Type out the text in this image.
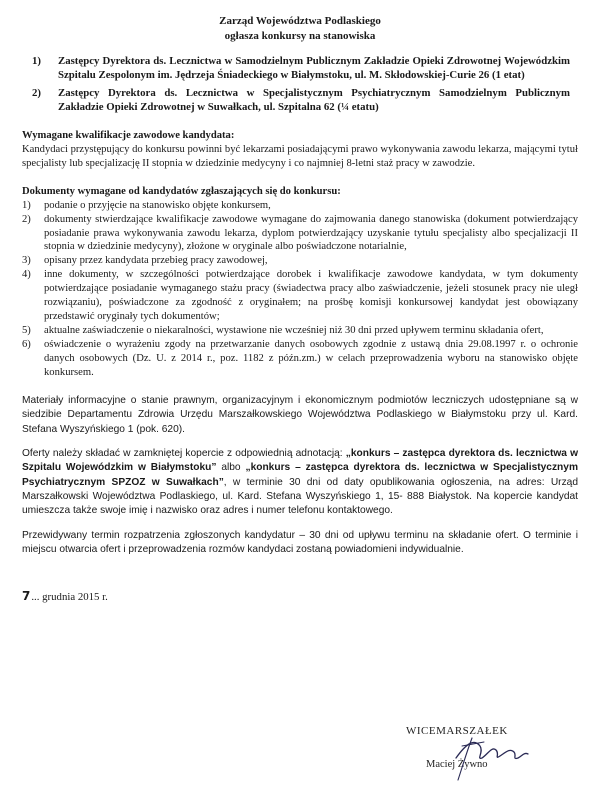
Zarząd Województwa Podlaskiego
ogłasza konkursy na stanowiska
1)	Zastępcy Dyrektora ds. Lecznictwa w Samodzielnym Publicznym Zakładzie Opieki Zdrowotnej Wojewódzkim Szpitalu Zespolonym im. Jędrzeja Śniadeckiego w Białymstoku, ul. M. Skłodowskiej-Curie 26 (1 etat)
2)	Zastępcy Dyrektora ds. Lecznictwa w Specjalistycznym Psychiatrycznym Samodzielnym Publicznym Zakładzie Opieki Zdrowotnej w Suwałkach, ul. Szpitalna 62 (¼ etatu)
Wymagane kwalifikacje zawodowe kandydata:

Kandydaci przystępujący do konkursu powinni być lekarzami posiadającymi prawo wykonywania zawodu lekarza, mającymi tytuł specjalisty lub specjalizację II stopnia w dziedzinie medycyny i co najmniej 8-letni staż pracy w zawodzie.

Dokumenty wymagane od kandydatów zgłaszających się do konkursu:
1)	podanie o przyjęcie na stanowisko objęte konkursem,
2)	dokumenty stwierdzające kwalifikacje zawodowe wymagane do zajmowania danego stanowiska (dokument potwierdzający posiadanie prawa wykonywania zawodu lekarza, dyplom potwierdzający uzyskanie tytułu specjalisty albo specjalizacji II stopnia w dziedzinie medycyny), złożone w oryginale albo poświadczone notarialnie,
3)	opisany przez kandydata przebieg pracy zawodowej,
4)	inne dokumenty, w szczególności potwierdzające dorobek i kwalifikacje zawodowe kandydata, w tym dokumenty potwierdzające posiadanie wymaganego stażu pracy (świadectwa pracy albo zaświadczenie, jeżeli stosunek pracy nie uległ rozwiązaniu), poświadczone za zgodność z oryginałem; na prośbę komisji konkursowej kandydat jest obowiązany przedstawić oryginały tych dokumentów;
5)	aktualne zaświadczenie o niekaralności, wystawione nie wcześniej niż 30 dni przed upływem terminu składania ofert,
6)	oświadczenie o wyrażeniu zgody na przetwarzanie danych osobowych zgodnie z ustawą dnia 29.08.1997 r. o ochronie danych osobowych (Dz. U. z 2014 r., poz. 1182 z późn.zm.) w celach przeprowadzenia wyboru na stanowisko objęte konkursem.

Materiały informacyjne o stanie prawnym, organizacyjnym i ekonomicznym podmiotów leczniczych udostępniane są w siedzibie Departamentu Zdrowia Urzędu Marszałkowskiego Województwa Podlaskiego w Białymstoku przy ul. Kard. Stefana Wyszyńskiego 1 (pok. 620).

Oferty należy składać w zamkniętej kopercie z odpowiednią adnotacją: „konkurs – zastępca dyrektora ds. lecznictwa w Szpitalu Wojewódzkim w Białymstoku” albo „konkurs – zastępca dyrektora ds. lecznictwa w Specjalistycznym Psychiatrycznym SPZOZ w Suwałkach”, w terminie 30 dni od daty opublikowania ogłoszenia, na adres: Urząd Marszałkowski Województwa Podlaskiego, ul. Kard. Stefana Wyszyńskiego 1, 15- 888 Białystok. Na kopercie kandydat umieszcza także swoje imię i nazwisko oraz adres i numer telefonu kontaktowego.

Przewidywany termin rozpatrzenia zgłoszonych kandydatur – 30 dni od upływu terminu na składanie ofert. O terminie i miejscu otwarcia ofert i przeprowadzenia rozmów kandydaci zostaną powiadomieni indywidualnie.

7... grudnia 2015 r.
WICEMARSZAŁEK
Maciej Żywno
